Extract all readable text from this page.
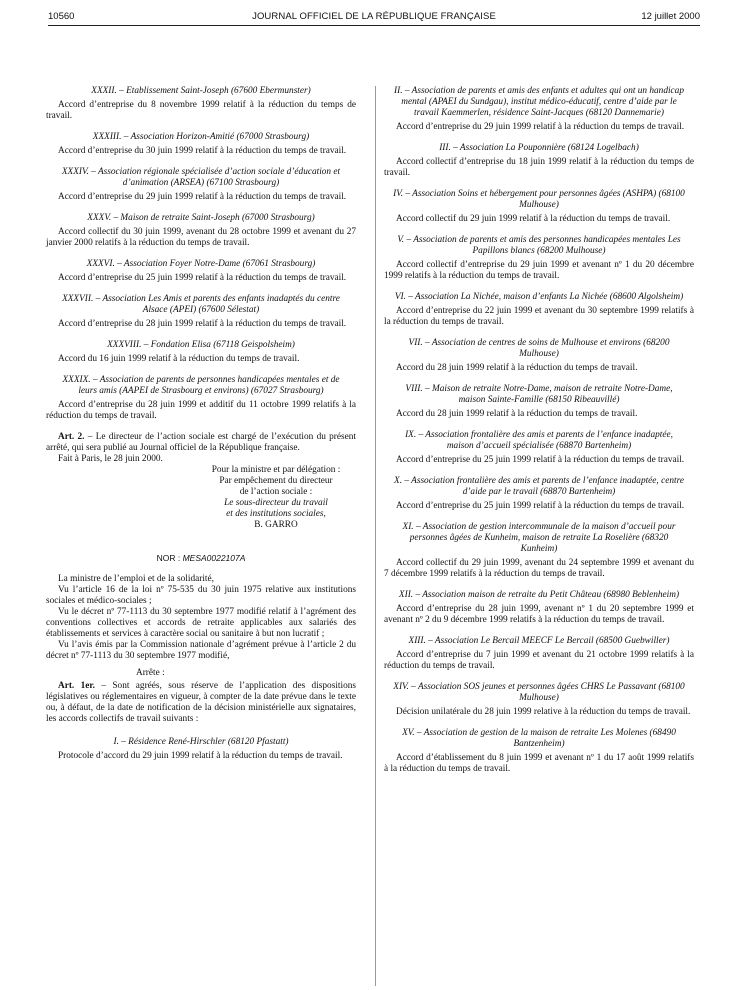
10560	JOURNAL OFFICIEL DE LA RÉPUBLIQUE FRANÇAISE	12 juillet 2000
XXXII. – Etablissement Saint-Joseph (67600 Ebermunster)

Accord d’entreprise du 8 novembre 1999 relatif à la réduction du temps de travail.

XXXIII. – Association Horizon-Amitié (67000 Strasbourg)

Accord d’entreprise du 30 juin 1999 relatif à la réduction du temps de travail.

XXXIV. – Association régionale spécialisée d’action sociale d’éducation et d’animation (ARSEA) (67100 Strasbourg)

Accord d’entreprise du 29 juin 1999 relatif à la réduction du temps de travail.

XXXV. – Maison de retraite Saint-Joseph (67000 Strasbourg)

Accord collectif du 30 juin 1999, avenant du 28 octobre 1999 et avenant du 27 janvier 2000 relatifs à la réduction du temps de travail.

XXXVI. – Association Foyer Notre-Dame (67061 Strasbourg)

Accord d’entreprise du 25 juin 1999 relatif à la réduction du temps de travail.

XXXVII. – Association Les Amis et parents des enfants inadaptés du centre Alsace (APEI) (67600 Sélestat)

Accord d’entreprise du 28 juin 1999 relatif à la réduction du temps de travail.

XXXVIII. – Fondation Elisa (67118 Geispolsheim)

Accord du 16 juin 1999 relatif à la réduction du temps de travail.

XXXIX. – Association de parents de personnes handicapées mentales et de leurs amis (AAPEI de Strasbourg et environs) (67027 Strasbourg)

Accord d’entreprise du 28 juin 1999 et additif du 11 octobre 1999 relatifs à la réduction du temps de travail.

Art. 2. – Le directeur de l’action sociale est chargé de l’exécution du présent arrêté, qui sera publié au Journal officiel de la République française.

Fait à Paris, le 28 juin 2000.

Pour la ministre et par délégation :
Par empêchement du directeur
de l’action sociale :
Le sous-directeur du travail
et des institutions sociales,
B. GARRO
NOR : MESA0022107A

La ministre de l’emploi et de la solidarité,

Vu l’article 16 de la loi nº 75-535 du 30 juin 1975 relative aux institutions sociales et médico-sociales ;

Vu le décret nº 77-1113 du 30 septembre 1977 modifié relatif à l’agrément des conventions collectives et accords de retraite applicables aux salariés des établissements et services à caractère social ou sanitaire à but non lucratif ;

Vu l’avis émis par la Commission nationale d’agrément prévue à l’article 2 du décret nº 77-1113 du 30 septembre 1977 modifié,

Arrête :

Art. 1er. – Sont agréés, sous réserve de l’application des dispositions législatives ou réglementaires en vigueur, à compter de la date prévue dans le texte ou, à défaut, de la date de notification de la décision ministérielle aux signataires, les accords collectifs de travail suivants :

I. – Résidence René-Hirschler (68120 Pfastatt)

Protocole d’accord du 29 juin 1999 relatif à la réduction du temps de travail.

II. – Association de parents et amis des enfants et adultes qui ont un handicap mental (APAEI du Sundgau), institut médico-éducatif, centre d’aide par le travail Kaemmerlen, résidence Saint-Jacques (68120 Dannemarie)

Accord d’entreprise du 29 juin 1999 relatif à la réduction du temps de travail.

III. – Association La Pouponnière (68124 Logelbach)

Accord collectif d’entreprise du 18 juin 1999 relatif à la réduction du temps de travail.

IV. – Association Soins et hébergement pour personnes âgées (ASHPA) (68100 Mulhouse)

Accord collectif du 29 juin 1999 relatif à la réduction du temps de travail.

V. – Association de parents et amis des personnes handicapées mentales Les Papillons blancs (68200 Mulhouse)

Accord collectif d’entreprise du 29 juin 1999 et avenant nº 1 du 20 décembre 1999 relatifs à la réduction du temps de travail.

VI. – Association La Nichée, maison d’enfants La Nichée (68600 Algolsheim)

Accord d’entreprise du 22 juin 1999 et avenant du 30 septembre 1999 relatifs à la réduction du temps de travail.

VII. – Association de centres de soins de Mulhouse et environs (68200 Mulhouse)

Accord du 28 juin 1999 relatif à la réduction du temps de travail.

VIII. – Maison de retraite Notre-Dame, maison de retraite Notre-Dame, maison Sainte-Famille (68150 Ribeauvillé)

Accord du 28 juin 1999 relatif à la réduction du temps de travail.

IX. – Association frontalière des amis et parents de l’enfance inadaptée, maison d’accueil spécialisée (68870 Bartenheim)

Accord d’entreprise du 25 juin 1999 relatif à la réduction du temps de travail.

X. – Association frontalière des amis et parents de l’enfance inadaptée, centre d’aide par le travail (68870 Bartenheim)

Accord d’entreprise du 25 juin 1999 relatif à la réduction du temps de travail.

XI. – Association de gestion intercommunale de la maison d’accueil pour personnes âgées de Kunheim, maison de retraite La Roselière (68320 Kunheim)

Accord collectif du 29 juin 1999, avenant du 24 septembre 1999 et avenant du 7 décembre 1999 relatifs à la réduction du temps de travail.

XII. – Association maison de retraite du Petit Château (68980 Beblenheim)

Accord d’entreprise du 28 juin 1999, avenant nº 1 du 20 septembre 1999 et avenant nº 2 du 9 décembre 1999 relatifs à la réduction du temps de travail.

XIII. – Association Le Bercail MEECF Le Bercail (68500 Guebwiller)

Accord d’entreprise du 7 juin 1999 et avenant du 21 octobre 1999 relatifs à la réduction du temps de travail.

XIV. – Association SOS jeunes et personnes âgées CHRS Le Passavant (68100 Mulhouse)

Décision unilatérale du 28 juin 1999 relative à la réduction du temps de travail.

XV. – Association de gestion de la maison de retraite Les Molenes (68490 Bantzenheim)

Accord d’établissement du 8 juin 1999 et avenant nº 1 du 17 août 1999 relatifs à la réduction du temps de travail.
